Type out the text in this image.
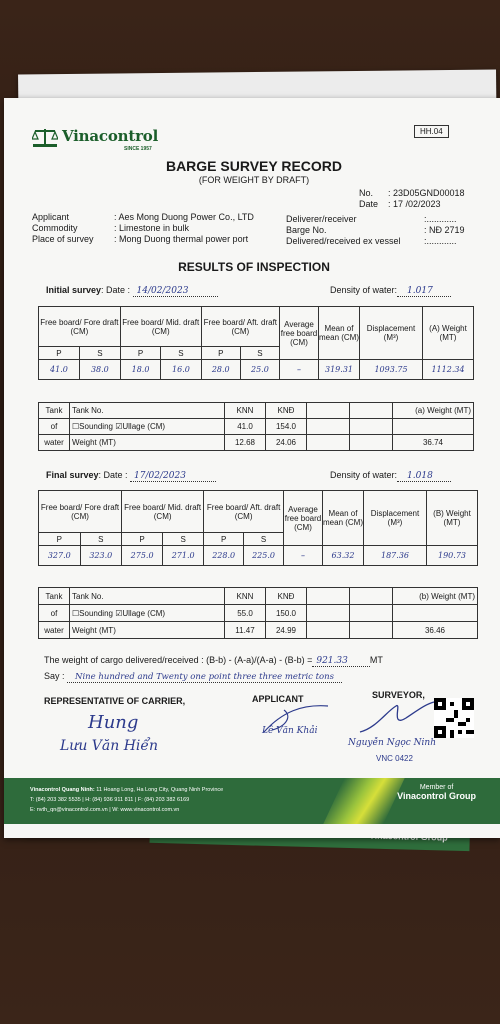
Vinacontrol
SINCE 1957
HH.04
BARGE SURVEY RECORD
(FOR WEIGHT BY DRAFT)
No. : 23D05GND00018
Date : 17 /02/2023
Applicant	: Aes Mong Duong Power Co., LTD
Commodity	: Limestone in bulk
Place of survey : Mong Duong thermal power port
Deliverer/receiver	:............
Barge No.	: NĐ 2719
Delivered/received ex vessel	:............
RESULTS OF INSPECTION
Initial survey: Date : 14/02/2023	Density of water: 1.017
Free board/ Fore draft (CM)		Free board/ Mid. draft (CM)		Free board/ Aft. draft (CM)		Average free board (CM)	Mean of mean (CM)	Displacement (M³)	(A) Weight (MT)
P	S	P	S	P	S				
41.0	38.0	18.0	16.0	28.0	25.0	–	319.31	1093.75	1112.34
Tank	Tank No.	KNN	KNĐ			(a) Weight (MT)
of	☐Sounding ☑Ullage (CM)	41.0	154.0			
water	Weight (MT)	12.68	24.06			36.74
Final survey: Date : 17/02/2023	Density of water: 1.018
Free board/ Fore draft (CM)		Free board/ Mid. draft (CM)		Free board/ Aft. draft (CM)		Average free board (CM)	Mean of mean (CM)	Displacement (M³)	(B) Weight (MT)
P	S	P	S	P	S				
327.0	323.0	275.0	271.0	228.0	225.0	–	63.32	187.36	190.73
Tank	Tank No.	KNN	KNĐ			(b) Weight (MT)
of	☐Sounding ☑Ullage (CM)	55.0	150.0			
water	Weight (MT)	11.47	24.99			36.46
The weight of cargo delivered/received : (B-b) - (A-a)/(A-a) - (B-b) = 921.33 MT
Say : Nine hundred and Twenty one point three three metric tons
REPRESENTATIVE OF CARRIER,	APPLICANT	SURVEYOR,
Hung
Lưu Văn Hiển
Lê Văn Khải
Nguyễn Ngọc Ninh
VNC 0422
Vinacontrol Quang Ninh: 11 Hoang Long, Ha Long City, Quang Ninh Province
T: (84) 203 382 5535 | H: (84) 936 911 811 | F: (84) 203 382 6169
E: nvth_qn@vinacontrol.com.vn | W: www.vinacontrol.com.vn
Member of
Vinacontrol Group
